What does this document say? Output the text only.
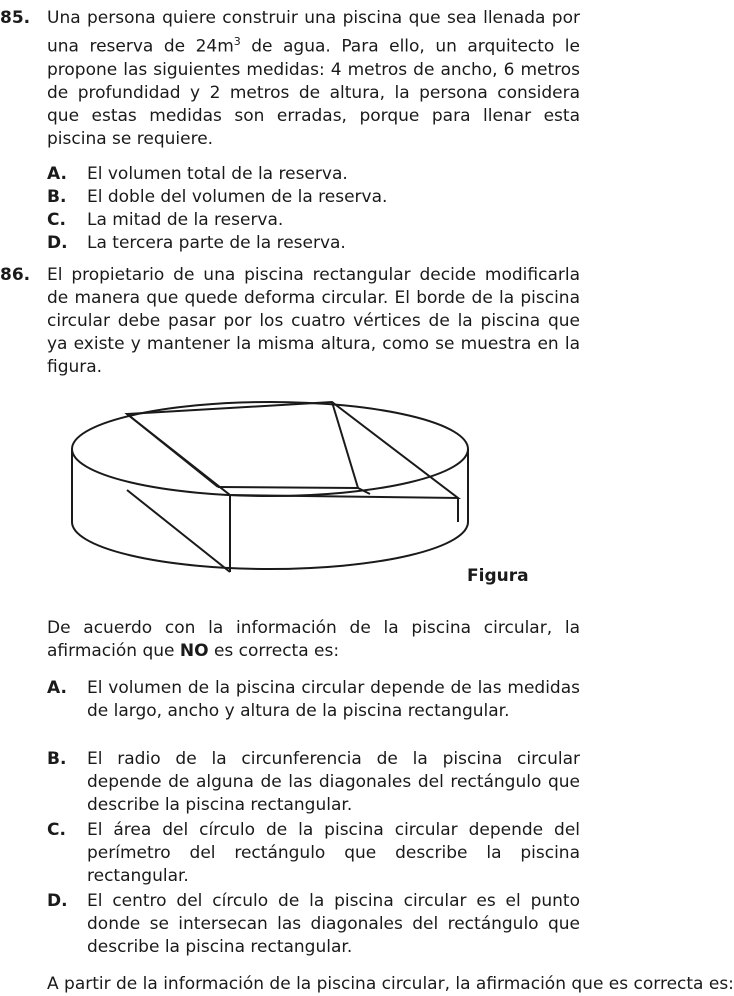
85. Una persona quiere construir una piscina que sea llenada por una reserva de $24m^3$ de agua. Para ello, un arquitecto le propone las siguientes medidas: 4 metros de ancho, 6 metros de profundidad y 2 metros de altura, la persona considera que estas medidas son erradas, porque para llenar esta piscina se requiere.
A. El volumen total de la reserva.
B. El doble del volumen de la reserva.
C. La mitad de la reserva.
D. La tercera parte de la reserva.
86. El propietario de una piscina rectangular decide modificarla de manera que quede deforma circular. El borde de la piscina circular debe pasar por los cuatro vértices de la piscina que ya existe y mantener la misma altura, como se muestra en la figura.
Figura
De acuerdo con la información de la piscina circular, la afirmación que NO es correcta es:
A. El volumen de la piscina circular depende de las medidas de largo, ancho y altura de la piscina rectangular.
B. El radio de la circunferencia de la piscina circular depende de alguna de las diagonales del rectángulo que describe la piscina rectangular.
C. El área del círculo de la piscina circular depende del perímetro del rectángulo que describe la piscina rectangular.
D. El centro del círculo de la piscina circular es el punto donde se intersecan las diagonales del rectángulo que describe la piscina rectangular.
A partir de la información de la piscina circular, la afirmación que es correcta es:
